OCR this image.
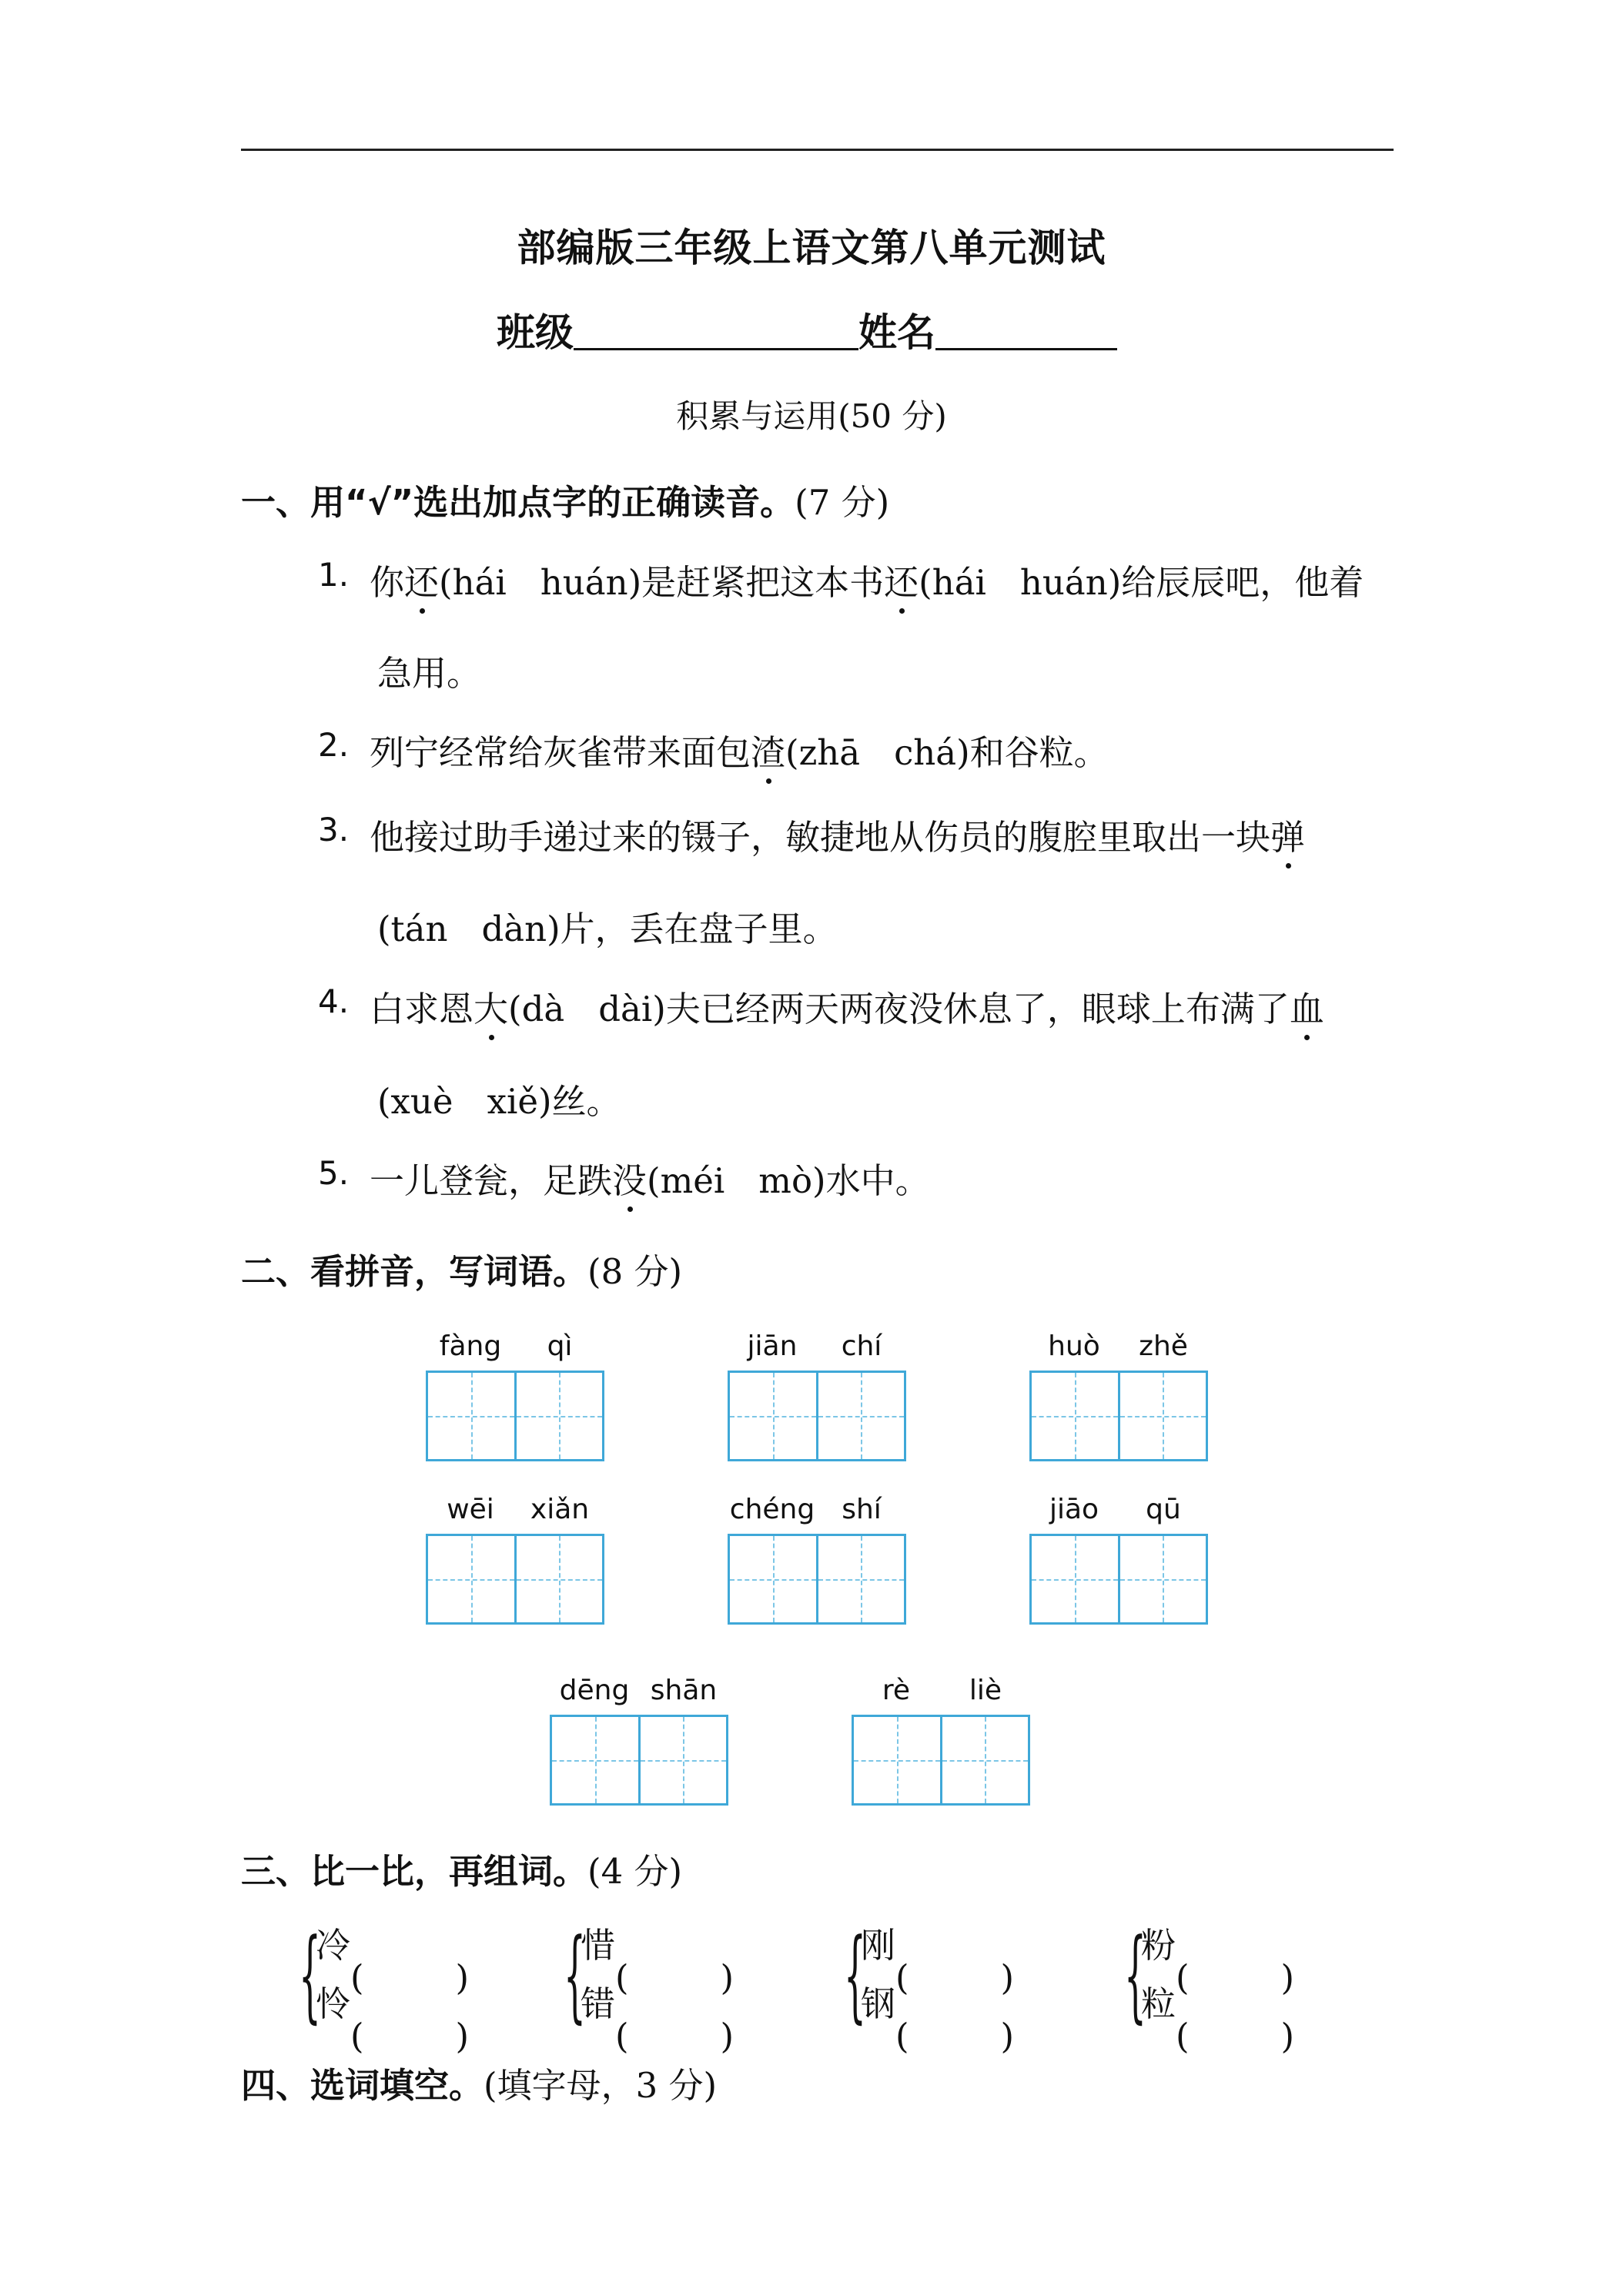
部编版三年级上语文第八单元测试
班级	姓名
积累与运用(50 分)
一、用“√”选出加点字的正确读音。(7 分)
1. 你还(hái huán)是赶紧把这本书还(hái huán)给辰辰吧，他着
急用。
2. 列宁经常给灰雀带来面包渣(zhā chá)和谷粒。
3. 他接过助手递过来的镊子，敏捷地从伤员的腹腔里取出一块弹
(tán dàn)片，丢在盘子里。
4. 白求恩大(dà dài)夫已经两天两夜没休息了，眼球上布满了血
(xuè xiě)丝。
5. 一儿登瓮，足跌没(méi mò)水中。
二、看拼音，写词语。(8 分)
fàng	qì	jiān	chí	huò	zhě
wēi	xiǎn	chéng shí	jiāo	qū
dēng shān	rè	liè
三、比一比，再组词。(4 分)
{
冷
(	)
怜
(	)
{
惜
(	)
错
(	)
{
刚
(	)
钢
(	)
{
粉
(	)
粒
(	)
四、选词填空。(填字母，3 分)
